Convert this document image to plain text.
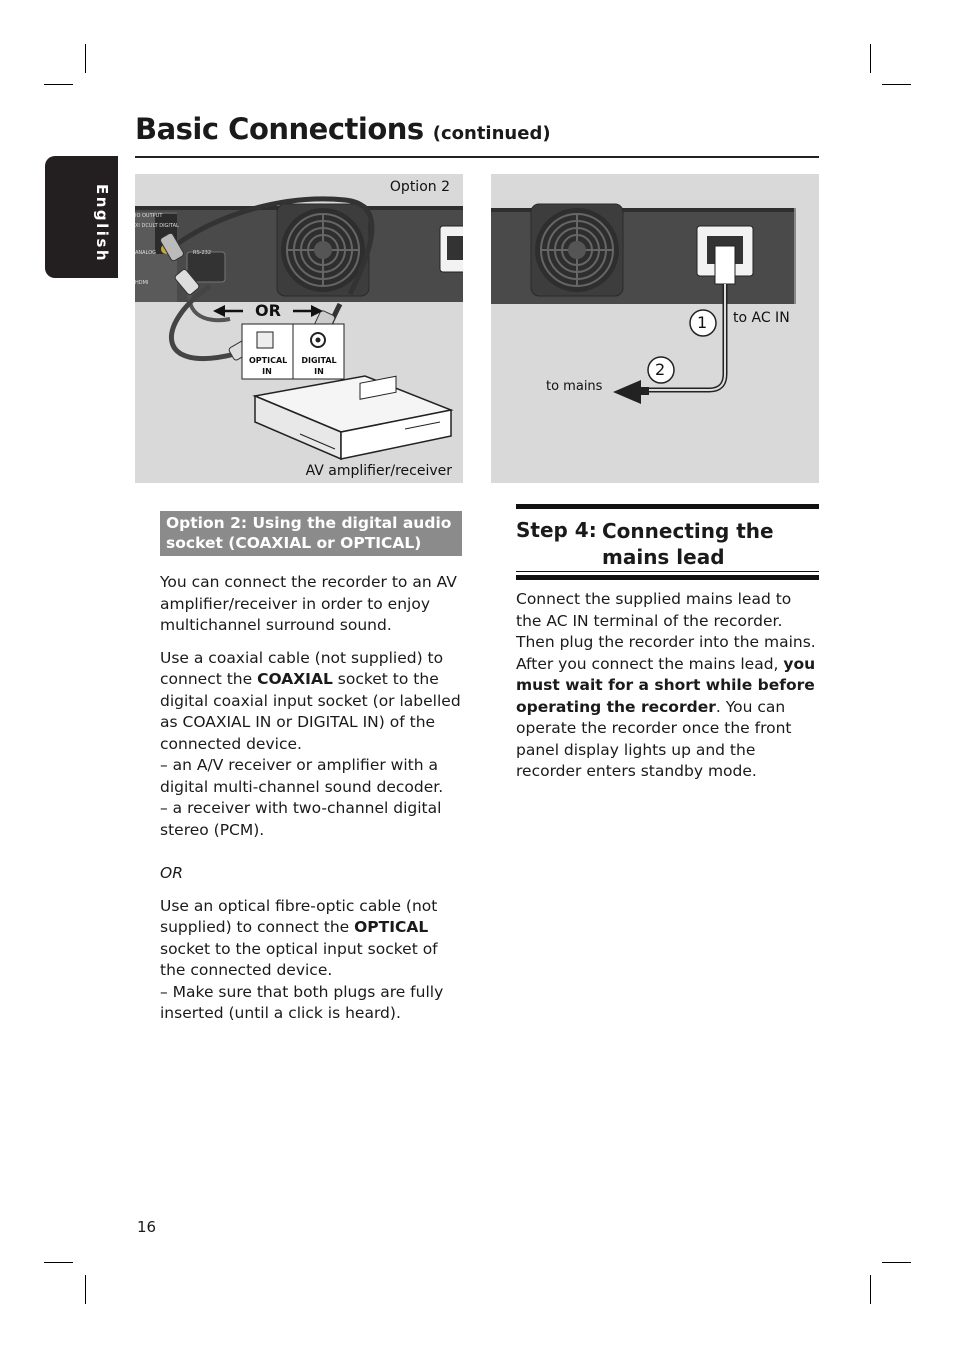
Basic Connections (continued)
English	Option 2
IO OUTPUT
XI DCULT DIGITAL
ANALOG	RS-232
HDMI
OR
OPTICAL IN
DIGITAL IN
AV amplifier/receiver
1
2
to AC IN
to mains
Option 2: Using the digital audio socket (COAXIAL or OPTICAL)

You can connect the recorder to an AV amplifier/receiver in order to enjoy multichannel surround sound.

Use a coaxial cable (not supplied) to connect the COAXIAL socket to the digital coaxial input socket (or labelled as COAXIAL IN or DIGITAL IN) of the connected device.

– an A/V receiver or amplifier with a digital multi-channel sound decoder.
– a receiver with two-channel digital stereo (PCM).

OR

Use an optical fibre-optic cable (not supplied) to connect the OPTICAL socket to the optical input socket of the connected device.

– Make sure that both plugs are fully inserted (until a click is heard).
Step 4: Connecting the
mains lead

Connect the supplied mains lead to the AC IN terminal of the recorder. Then plug the recorder into the mains. After you connect the mains lead, you must wait for a short while before operating the recorder. You can operate the recorder once the front panel display lights up and the recorder enters standby mode.

16
